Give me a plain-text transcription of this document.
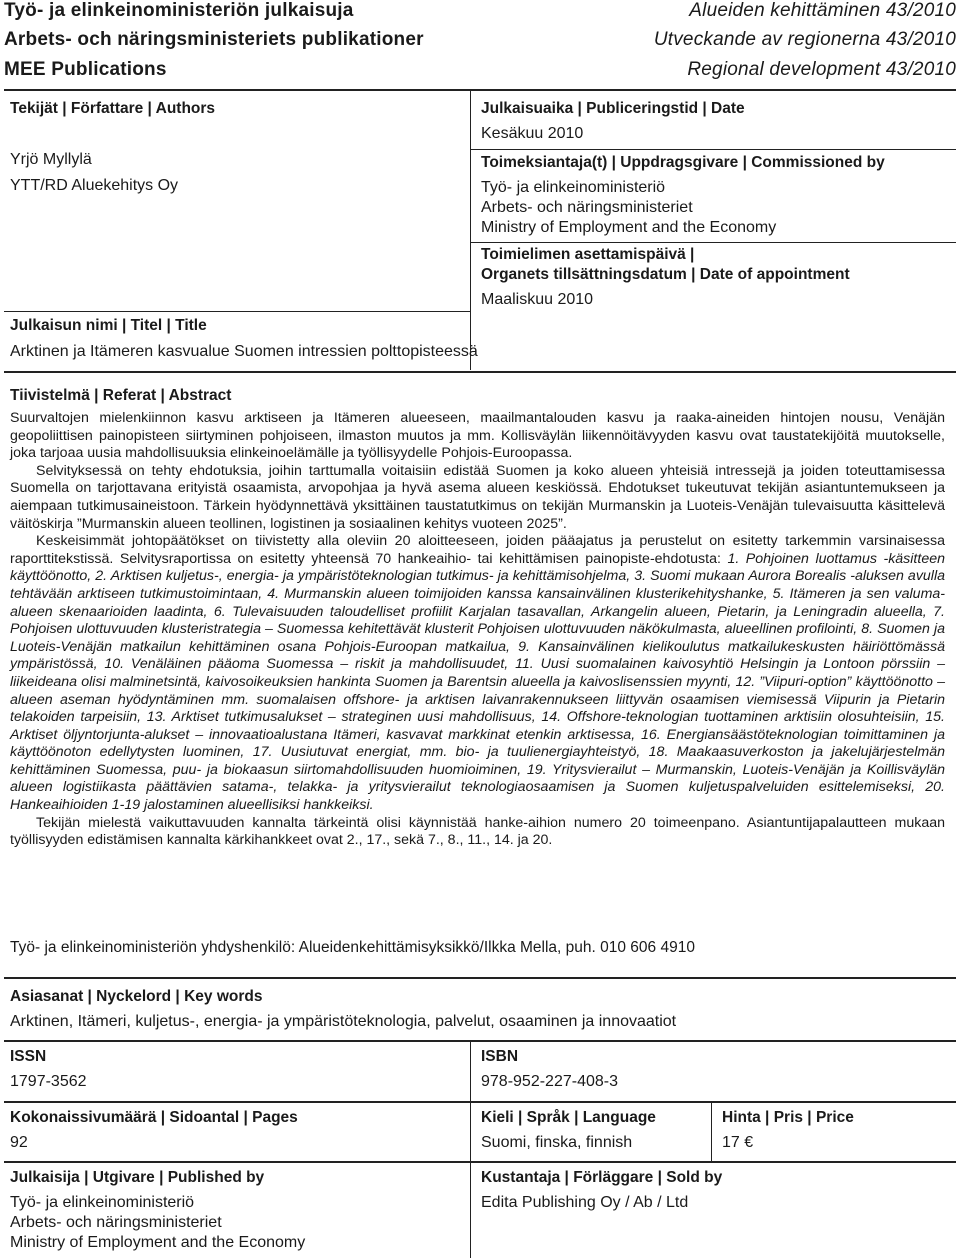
Työ- ja elinkeinoministeriön julkaisuja	Alueiden kehittäminen 43/2010
Arbets- och näringsministeriets publikationer	Utveckande av regionerna 43/2010
MEE Publications	Regional development 43/2010
Tekijät | Författare | Authors
Yrjö Myllylä
YTT/RD Aluekehitys Oy
Julkaisuaika | Publiceringstid | Date
Kesäkuu 2010
Toimeksiantaja(t) | Uppdragsgivare | Commissioned by
Työ- ja elinkeinoministeriö
Arbets- och näringsministeriet
Ministry of Employment and the Economy
Toimielimen asettamispäivä |
Organets tillsättningsdatum | Date of appointment
Maaliskuu 2010
Julkaisun nimi | Titel | Title
Arktinen ja Itämeren kasvualue Suomen intressien polttopisteessä
Tiivistelmä | Referat | Abstract

Suurvaltojen mielenkiinnon kasvu arktiseen ja Itämeren alueeseen, maailmantalouden kasvu ja raaka-aineiden hintojen nousu, Venäjän geopoliittisen painopisteen siirtyminen pohjoiseen, ilmaston muutos ja mm. Kollisväylän liikennöitävyyden kasvu ovat taustatekijöitä muutokselle, joka tarjoaa uusia mahdollisuuksia elinkeinoelämälle ja työllisyydelle Pohjois-Euroopassa.

Selvityksessä on tehty ehdotuksia, joihin tarttumalla voitaisiin edistää Suomen ja koko alueen yhteisiä intressejä ja joiden toteuttamisessa Suomella on tarjottavana erityistä osaamista, arvopohjaa ja hyvä asema alueen keskiössä. Ehdotukset tukeutuvat tekijän asiantuntemukseen ja aiempaan tutkimusaineistoon. Tärkein hyödynnettävä yksittäinen taustatutkimus on tekijän Murmanskin ja Luoteis-Venäjän tulevaisuutta käsittelevä väitöskirja ”Murmanskin alueen teollinen, logistinen ja sosiaalinen kehitys vuoteen 2025”.

Keskeisimmät johtopäätökset on tiivistetty alla oleviin 20 aloitteeseen, joiden pääajatus ja perustelut on esitetty tarkemmin varsinaisessa raporttitekstissä. Selvitysraportissa on esitetty yhteensä 70 hankeaihio- tai kehittämisen painopiste-ehdotusta: 1. Pohjoinen luottamus -käsitteen käyttöönotto, 2. Arktisen kuljetus-, energia- ja ympäristöteknologian tutkimus- ja kehittämisohjelma, 3. Suomi mukaan Aurora Borealis -aluksen avulla tehtävään arktiseen tutkimustoimintaan, 4. Murmanskin alueen toimijoiden kanssa kansainvälinen klusterikehityshanke, 5. Itämeren ja sen valuma-alueen skenaarioiden laadinta, 6. Tulevaisuuden taloudelliset profiilit Karjalan tasavallan, Arkangelin alueen, Pietarin, ja Leningradin alueella, 7. Pohjoisen ulottuvuuden klusteristrategia – Suomessa kehitettävät klusterit Pohjoisen ulottuvuuden näkökulmasta, alueellinen profilointi, 8. Suomen ja Luoteis-Venäjän matkailun kehittäminen osana Pohjois-Euroopan matkailua, 9. Kansainvälinen kielikoulutus matkailukeskusten häiriöttömässä ympäristössä, 10. Venäläinen pääoma Suomessa – riskit ja mahdollisuudet, 11. Uusi suomalainen kaivosyhtiö Helsingin ja Lontoon pörssiin – liikeideana olisi malminetsintä, kaivosoikeuksien hankinta Suomen ja Barentsin alueella ja kaivoslisenssien myynti, 12. ”Viipuri-option” käyttöönotto – alueen aseman hyödyntäminen mm. suomalaisen offshore- ja arktisen laivanrakennukseen liittyvän osaamisen viemisessä Viipurin ja Pietarin telakoiden tarpeisiin, 13. Arktiset tutkimusalukset – strateginen uusi mahdollisuus, 14. Offshore-teknologian tuottaminen arktisiin olosuhteisiin, 15. Arktiset öljyntorjunta-alukset – innovaatioalustana Itämeri, kasvavat markkinat etenkin arktisessa, 16. Energiansäästöteknologian toimittaminen ja käyttöönoton edellytysten luominen, 17. Uusiutuvat energiat, mm. bio- ja tuulienergiayhteistyö, 18. Maakaasuverkoston ja jakelujärjestelmän kehittäminen Suomessa, puu- ja biokaasun siirtomahdollisuuden huomioiminen, 19. Yritysvierailut – Murmanskin, Luoteis-Venäjän ja Koillisväylän alueen logistiikasta päättävien satama-, telakka- ja yritysvierailut teknologiaosaamisen ja Suomen kuljetuspalveluiden esittelemiseksi, 20. Hankeaihioiden 1-19 jalostaminen alueellisiksi hankkeiksi.

Tekijän mielestä vaikuttavuuden kannalta tärkeintä olisi käynnistää hanke-aihion numero 20 toimeenpano. Asiantuntijapalautteen mukaan työllisyyden edistämisen kannalta kärkihankkeet ovat 2., 17., sekä 7., 8., 11., 14. ja 20.

Työ- ja elinkeinoministeriön yhdyshenkilö: Alueidenkehittämisyksikkö/Ilkka Mella, puh. 010 606 4910
Asiasanat | Nyckelord | Key words
Arktinen, Itämeri, kuljetus-, energia- ja ympäristöteknologia, palvelut, osaaminen ja innovaatiot
ISSN
1797-3562
ISBN
978-952-227-408-3
Kokonaissivumäärä | Sidoantal | Pages
92
Kieli | Språk | Language
Suomi, finska, finnish
Hinta | Pris | Price
17 €
Julkaisija | Utgivare | Published by
Työ- ja elinkeinoministeriö
Arbets- och näringsministeriet
Ministry of Employment and the Economy
Kustantaja | Förläggare | Sold by
Edita Publishing Oy / Ab / Ltd
